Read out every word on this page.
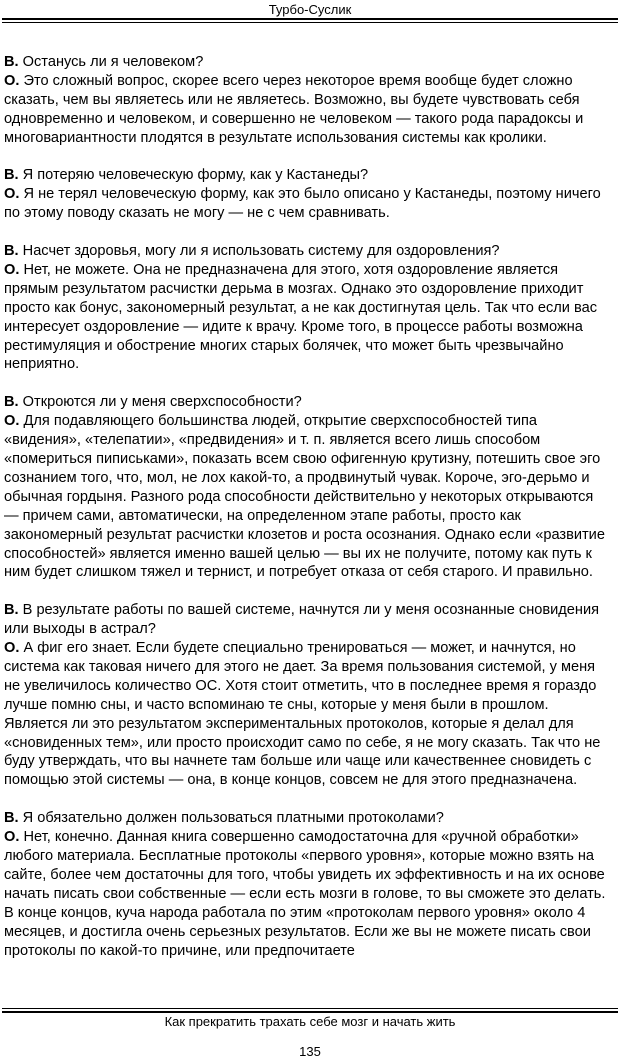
Турбо-Суслик

В. Останусь ли я человеком?

О. Это сложный вопрос, скорее всего через некоторое время вообще будет сложно сказать, чем вы являетесь или не являетесь. Возможно, вы будете чувствовать себя одновременно и человеком, и совершенно не человеком — такого рода парадоксы и многовариантности плодятся в результате использования системы как кролики.

В. Я потеряю человеческую форму, как у Кастанеды?

О. Я не терял человеческую форму, как это было описано у Кастанеды, поэтому ничего по этому поводу сказать не могу — не с чем сравнивать.

В. Насчет здоровья, могу ли я использовать систему для оздоровления?

О. Нет, не можете. Она не предназначена для этого, хотя оздоровление является прямым результатом расчистки дерьма в мозгах. Однако это оздоровление приходит просто как бонус, закономерный результат, а не как достигнутая цель. Так что если вас интересует оздоровление — идите к врачу. Кроме того, в процессе работы возможна рестимуляция и обострение многих старых болячек, что может быть чрезвычайно неприятно.

В. Откроются ли у меня сверхспособности?

О. Для подавляющего большинства людей, открытие сверхспособностей типа «видения», «телепатии», «предвидения» и т. п. является всего лишь способом «помериться пиписьками», показать всем свою офигенную крутизну, потешить свое эго сознанием того, что, мол, не лох какой-то, а продвинутый чувак. Короче, эго-дерьмо и обычная гордыня. Разного рода способности действительно у некоторых открываются — причем сами, автоматически, на определенном этапе работы, просто как закономерный результат расчистки клозетов и роста осознания. Однако если «развитие способностей» является именно вашей целью — вы их не получите, потому как путь к ним будет слишком тяжел и тернист, и потребует отказа от себя старого. И правильно.

В. В результате работы по вашей системе, начнутся ли у меня осознанные сновидения или выходы в астрал?

О. А фиг его знает. Если будете специально тренироваться — может, и начнутся, но система как таковая ничего для этого не дает. За время пользования системой, у меня не увеличилось количество ОС. Хотя стоит отметить, что в последнее время я гораздо лучше помню сны, и часто вспоминаю те сны, которые у меня были в прошлом. Является ли это результатом экспериментальных протоколов, которые я делал для «сновиденных тем», или просто происходит само по себе, я не могу сказать. Так что не буду утверждать, что вы начнете там больше или чаще или качественнее сновидеть с помощью этой системы — она, в конце концов, совсем не для этого предназначена.

В. Я обязательно должен пользоваться платными протоколами?

О. Нет, конечно. Данная книга совершенно самодостаточна для «ручной обработки» любого материала. Бесплатные протоколы «первого уровня», которые можно взять на сайте, более чем достаточны для того, чтобы увидеть их эффективность и на их основе начать писать свои собственные — если есть мозги в голове, то вы сможете это делать. В конце концов, куча народа работала по этим «протоколам первого уровня» около 4 месяцев, и достигла очень серьезных результатов. Если же вы не можете писать свои протоколы по какой-то причине, или предпочитаете

Как прекратить трахать себе мозг и начать жить
135
